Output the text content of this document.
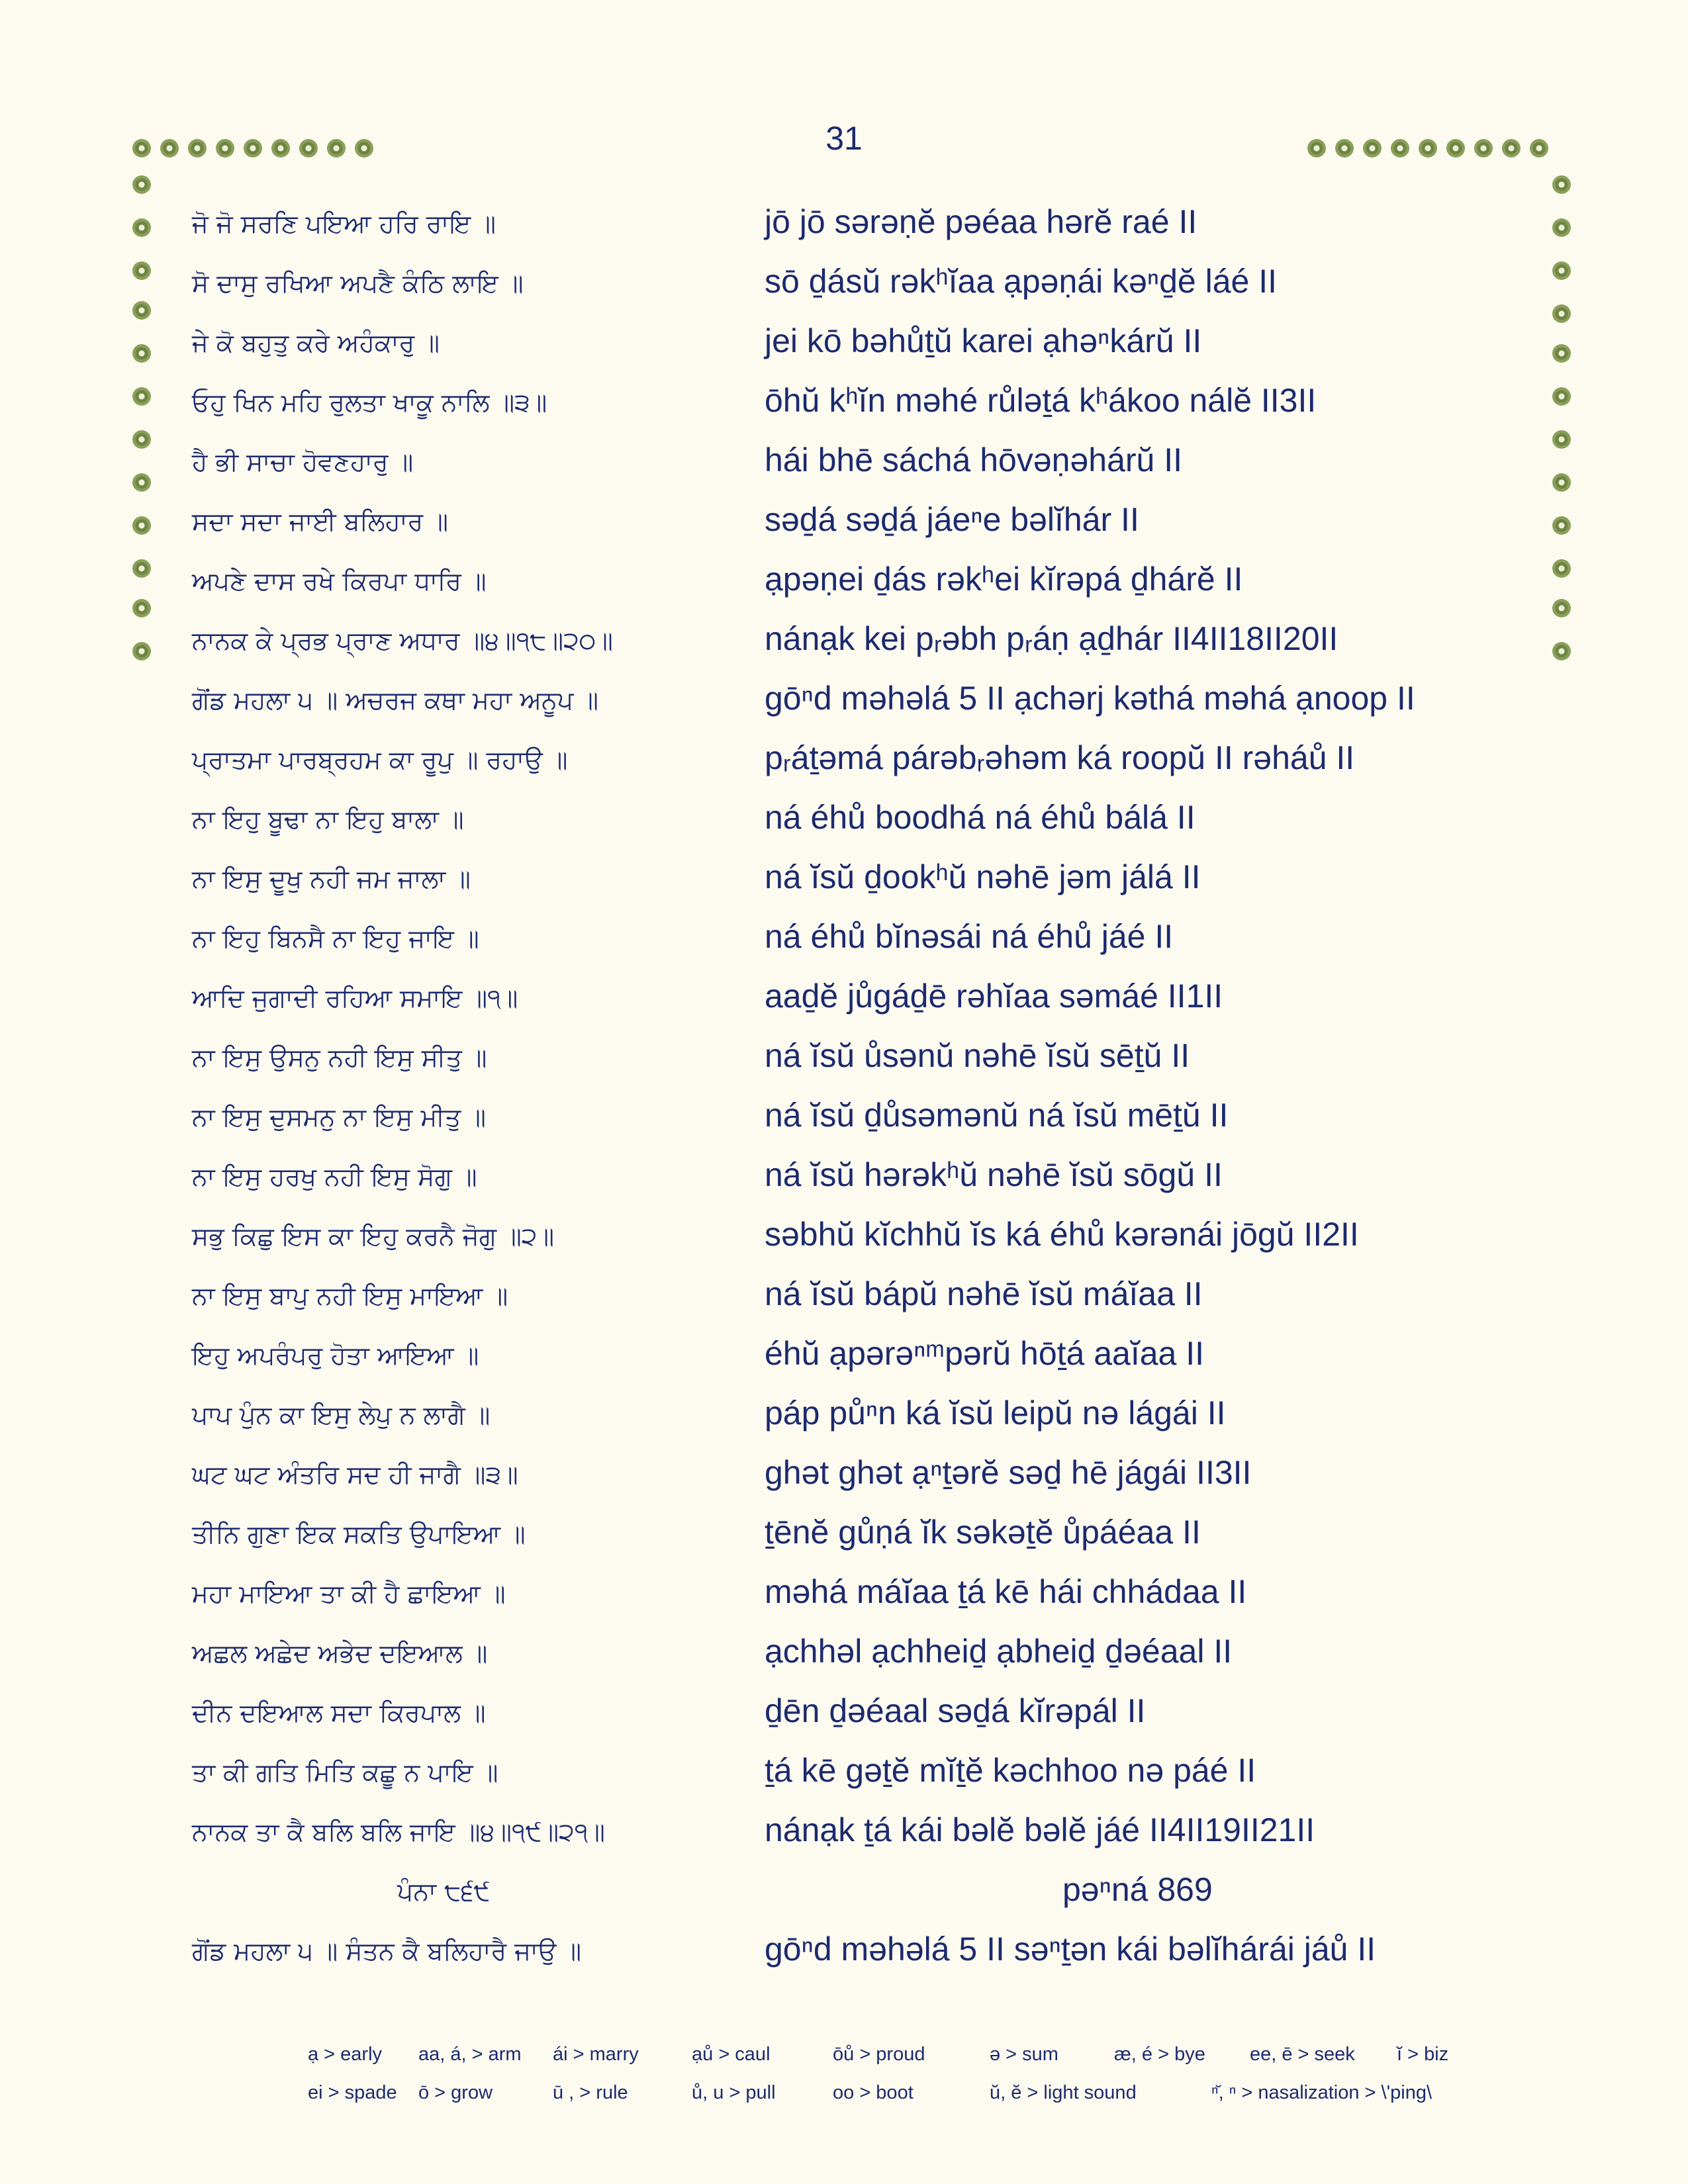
31
ਜੋ ਜੋ ਸਰਣਿ ਪਇਆ ਹਰਿ ਰਾਇ ॥	jō jō sərəṇĕ pəéaa hərĕ raé II
ਸੋ ਦਾਸੁ ਰਖਿਆ ਅਪਣੈ ਕੰਠਿ ਲਾਇ ॥	sō ḏásŭ rəkʰĭaa ạpəṇái kəⁿḏĕ láé II
ਜੇ ਕੋ ਬਹੁਤੁ ਕਰੇ ਅਹੰਕਾਰੁ ॥	jei kō bəhůṯŭ karei ạhəⁿkárŭ II
ਓਹੁ ਖਿਨ ਮਹਿ ਰੁਲਤਾ ਖਾਕੂ ਨਾਲਿ ॥੩॥	ōhŭ kʰĭn məhé růləṯá kʰákoo nálĕ II3II
ਹੈ ਭੀ ਸਾਚਾ ਹੋਵਣਹਾਰੁ ॥	hái bhē sáchá hōvəṇəhárŭ II
ਸਦਾ ਸਦਾ ਜਾਈ ਬਲਿਹਾਰ ॥	səḏá səḏá jáeⁿe bəlĭhár II
ਅਪਣੇ ਦਾਸ ਰਖੇ ਕਿਰਪਾ ਧਾਰਿ ॥	ạpəṇei ḏás rəkʰei kĭrəpá ḏhárĕ II
ਨਾਨਕ ਕੇ ਪ੍ਰਭ ਪ੍ਰਾਣ ਅਧਾਰ ॥੪॥੧੮॥੨੦॥	nánạk kei pᵣəbh pᵣáṇ ạḏhár II4II18II20II
ਗੋਂਡ ਮਹਲਾ ੫ ॥ ਅਚਰਜ ਕਥਾ ਮਹਾ ਅਨੂਪ ॥	gōⁿd məhəlá 5 II ạchərj kəthá məhá ạnoop II
ਪ੍ਰਾਤਮਾ ਪਾਰਬ੍ਰਹਮ ਕਾ ਰੂਪੁ ॥ ਰਹਾਉ ॥	pᵣáṯəmá párəbᵣəhəm ká roopŭ II rəháů II
ਨਾ ਇਹੁ ਬੂਢਾ ਨਾ ਇਹੁ ਬਾਲਾ ॥	ná éhů boodhá ná éhů bálá II
ਨਾ ਇਸੁ ਦੂਖੁ ਨਹੀ ਜਮ ਜਾਲਾ ॥	ná ĭsŭ ḏookʰŭ nəhē jəm jálá II
ਨਾ ਇਹੁ ਬਿਨਸੈ ਨਾ ਇਹੁ ਜਾਇ ॥	ná éhů bĭnəsái ná éhů jáé II
ਆਦਿ ਜੁਗਾਦੀ ਰਹਿਆ ਸਮਾਇ ॥੧॥	aaḏĕ jůgáḏē rəhĭaa səmáé II1II
ਨਾ ਇਸੁ ਉਸਨੁ ਨਹੀ ਇਸੁ ਸੀਤੁ ॥	ná ĭsŭ ůsənŭ nəhē ĭsŭ sēṯŭ II
ਨਾ ਇਸੁ ਦੁਸਮਨੁ ਨਾ ਇਸੁ ਮੀਤੁ ॥	ná ĭsŭ ḏůsəmənŭ ná ĭsŭ mēṯŭ II
ਨਾ ਇਸੁ ਹਰਖੁ ਨਹੀ ਇਸੁ ਸੋਗੁ ॥	ná ĭsŭ hərəkʰŭ nəhē ĭsŭ sōgŭ II
ਸਭੁ ਕਿਛੁ ਇਸ ਕਾ ਇਹੁ ਕਰਨੈ ਜੋਗੁ ॥੨॥	səbhŭ kĭchhŭ ĭs ká éhů kərənái jōgŭ II2II
ਨਾ ਇਸੁ ਬਾਪੁ ਨਹੀ ਇਸੁ ਮਾਇਆ ॥	ná ĭsŭ bápŭ nəhē ĭsŭ máĭaa II
ਇਹੁ ਅਪਰੰਪਰੁ ਹੋਤਾ ਆਇਆ ॥	éhŭ ạpərəⁿᵐpərŭ hōṯá aaĭaa II
ਪਾਪ ਪੁੰਨ ਕਾ ਇਸੁ ਲੇਪੁ ਨ ਲਾਗੈ ॥	páp půⁿn ká ĭsŭ leipŭ nə lágái II
ਘਟ ਘਟ ਅੰਤਰਿ ਸਦ ਹੀ ਜਾਗੈ ॥੩॥	ghət ghət ạⁿṯərĕ səḏ hē jágái II3II
ਤੀਨਿ ਗੁਣਾ ਇਕ ਸਕਤਿ ਉਪਾਇਆ ॥	ṯēnĕ gůṇá ĭk səkəṯĕ ůpáéaa II
ਮਹਾ ਮਾਇਆ ਤਾ ਕੀ ਹੈ ਛਾਇਆ ॥	məhá máĭaa ṯá kē hái chhádaa II
ਅਛਲ ਅਛੇਦ ਅਭੇਦ ਦਇਆਲ ॥	ạchhəl ạchheiḏ ạbheiḏ ḏəéaal II
ਦੀਨ ਦਇਆਲ ਸਦਾ ਕਿਰਪਾਲ ॥	ḏēn ḏəéaal səḏá kĭrəpál II
ਤਾ ਕੀ ਗਤਿ ਮਿਤਿ ਕਛੂ ਨ ਪਾਇ ॥	ṯá kē gəṯĕ mĭṯĕ kəchhoo nə páé II
ਨਾਨਕ ਤਾ ਕੈ ਬਲਿ ਬਲਿ ਜਾਇ ॥੪॥੧੯॥੨੧॥	nánạk ṯá kái bəlĕ bəlĕ jáé II4II19II21II
ਪੰਨਾ ੮੬੯	pəⁿná 869
ਗੋਂਡ ਮਹਲਾ ੫ ॥ ਸੰਤਨ ਕੈ ਬਲਿਹਾਰੈ ਜਾਉ ॥	gōⁿd məhəlá 5 II səⁿṯən kái bəlĭhárái jáů II
ạ > early aa, á, > arm ái > marry	ạů > caul	ōů > proud	ə > sum	æ, é > bye ee, ē > seek ĭ > biz
ei > spade ō > grow	ū , > rule	ů, u > pull	oo > boot	ŭ, ĕ > light sound	ⁿ̆, ⁿ > nasalization > \'ping\
